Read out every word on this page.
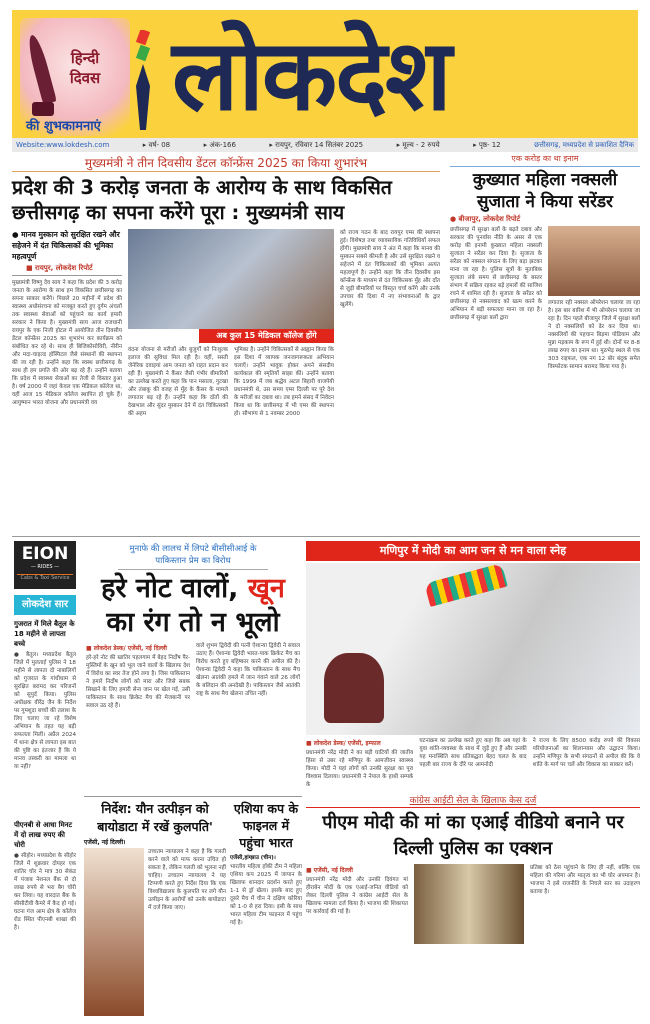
हिन्दी दिवस
की शुभकामनाएं लोकदेश
Website:www.lokdesh.com	▸ वर्ष- 08	▸ अंक-166	▸ रायपुर, रविवार 14 सितंबर 2025	▸ मूल्य - 2 रुपये	▸ पृष्ठ- 12	छत्तीसगढ़, मध्यप्रदेश से प्रकाशित दैनिक
मुख्यमंत्री ने तीन दिवसीय डेंटल कॉन्फ्रेंस 2025 का किया शुभारंभ
प्रदेश की 3 करोड़ जनता के आरोग्य के साथ विकसित छत्तीसगढ़ का सपना करेंगे पूरा : मुख्यमंत्री साय
● मानव मुस्कान को सुरक्षित रखने और सहेजने में दंत चिकित्सकों की भूमिका महत्वपूर्ण
■ रायपुर, लोकदेश रिपोर्ट
मुख्यमंत्री विष्णु देव साय ने कहा कि प्रदेश की 3 करोड़ जनता के आरोग्य के साथ हम विकसित छत्तीसगढ़ का सपना साकार करेंगे। पिछले 20 महीनों में प्रदेश की स्वास्थ्य अधोसंरचना को मजबूत करते हुए दुर्गम अंचलों तक स्वास्थ्य सेवाओं को पहुंचाने का कार्य हमारी सरकार ने किया है। मुख्यमंत्री साय आज राजधानी रायपुर के एक निजी होटल में आयोजित तीन दिवसीय डेंटल कॉन्फ्रेंस 2025 का शुभारंभ कर कार्यक्रम को संबोधित कर रहे थे। साथ ही बिजिकोसोविरी, नीरीन और मदा-चाइल्ड हॉस्पिटल जैसे संस्थानों की स्थापना की जा रही है। उन्होंने कहा कि स्वस्थ छत्तीसगढ़ के साथ ही हम प्रगति की ओर बढ़ रहे हैं। उन्होंने बताया कि प्रदेश में स्वास्थ्य सेवाओं का तेजी से विस्तार हुआ है। वर्ष 2000 में जहां केवल एक मेडिकल कॉलेज था, वहीं आज 15 मेडिकल कॉलेज स्थापित हो चुके हैं। आयुष्मान भारत योजना और प्रधानमंत्री वय
अब कुल 15 मेडिकल कॉलेज होंगे
वंदना योजना से मरीजों और बुजुर्गों को निःशुल्क इलाज की सुविधा मिल रही है। वहीं, सस्ती जेनेरिक दवाइयां आम जनता को राहत प्रदान कर रही हैं। मुख्यमंत्री ने कैंसर जैसी गंभीर बीमारियों का उल्लेख करते हुए कहा कि पान मसाला, गुटखा और तंबाकू की वजह से मुँह के कैंसर के मामले लगातार बढ़ रहे हैं। उन्होंने कहा कि दाँतों की देखभाल और सुंदर मुस्कान देने में दंत चिकित्सकों की अहम
भूमिका है। उन्होंने चिकित्सकों से आह्वान किया कि इस दिशा में व्यापक जनजागरूकता अभियान चलाएँ। उन्होंने भावुक होकर अपने संसदीय कार्यकाल की स्मृतियाँ साझा कीं। उन्होंने बताया कि 1999 में जब श्रद्धेय अटल बिहारी वाजपेयी प्रधानमंत्री थे, उस समय एम्स दिल्ली पर पूरे देश के मरीजों का दबाव था। तब हमने संसद में निवेदन किया था कि छत्तीसगढ़ में भी एम्स की स्थापना हो। सौभाग्य से 1 नवम्बर 2000
को राज्य गठन के बाद रायपुर एम्स की स्थापना हुई। विशेषज्ञ तथा व्यावसायिक गतिविधियाँ सफल होंगी। मुख्यमंत्री साय ने अंत में कहा कि मानव की मुस्कान सबसे कीमती है और उसे सुरक्षित रखने व सहेजने में दंत चिकित्सकों की भूमिका अत्यंत महत्वपूर्ण है। उन्होंने कहा कि तीन दिवसीय इस कॉन्फ्रेंस के माध्यम से दंत चिकित्सक मुँह और दाँत से जुड़ी बीमारियों पर विस्तृत चर्चा करेंगे और उनके उपचार की दिशा में नए संभावनाओं के द्वार खुलेंगे।
एक करोड़ का था इनाम
कुख्यात महिला नक्सली सुजाता ने किया सरेंडर
● बीजापुर, लोकदेश रिपोर्ट
छत्तीसगढ़ में सुरक्षा बलों के बढ़ते दबाव और सरकार की पुनर्वास नीति के असर से एक करोड़ की इनामी कुख्यात महिला नक्सली सुजाता ने सरेंडर कर दिया है। सुजाता के सरेंडर को नक्सल संगठन के लिए बड़ा झटका माना जा रहा है। पुलिस सूत्रों के मुताबिक सुजाता लंबे समय से छत्तीसगढ़ के बस्तर संभाग में सक्रिय रहकर बड़े हमलों की साजिश रचने में शामिल रही है। सुजाता के सरेंडर को छत्तीसगढ़ से नक्सलवाद को खत्म करने के अभियान में बड़ी सफलता माना जा रहा है। छत्तीसगढ़ में सुरक्षा बलों द्वारा
लगातार रही नक्सल ऑपरेशन चलाया जा रहा है। इस बार बारिश में भी ऑपरेशन चलाया जा रहा है। दिन पहले बीजापुर जिले में सुरक्षा बलों ने दो नक्सलियों को ढेर कर दिया था। नक्सलियों की पहचान बिड़मा पोडियाम और मुन्ना मड़काम के रूप में हुई थी। दोनों पर 8-8 लाख रुपए का इनाम था। मुठभेड़ स्थल से एक 303 राइफल, एक नग 12 बोर बंदूक समेत विस्फोटक सामान बरामद किया गया है।
EION
— RIDES —
Cabs & Taxi Service
लोकदेश सार
गुजरात में मिले बैतूल के 18 महीने से लापता बच्चे
● बैतूल। मध्यप्रदेश बैतूल जिले में मुलताई पुलिस ने 18 महीने से लापता दो नाबालिगों को गुजरात के गांधीधाम से सुरक्षित बरामद कर परिजनों को सुपुर्द किया। पुलिस अधीक्षक वीरेंद्र जैन के निर्देश पर गुमशुदा बच्चों की तलाश के लिए चलाए जा रहे विशेष अभियान के तहत यह बड़ी सफलता मिली। अप्रैल 2024 में थाना क्षेत्र से लापता इस बात की पुष्टि का इंतजार है कि ये मानव तस्करी का मामला था या नहीं?
पीएनबी से आधा मिनट में दो लाख रुपए की चोरी
● सीहोर। मध्यप्रदेश के सीहोर जिले में शुक्रवार दोपहर एक शातिर चोर ने मात्र 30 सेकंड में पंजाब नेशनल बैंक से दो लाख रुपये से भरा बैग चोरी कर लिया। यह वारदात बैंक के सीसीटीवी कैमरे में कैद हो गई। घटना गंज आम क्षेत्र के कॉलेज रोड स्थित पीएनबी शाखा की है।
मुनाफे की लालच में लिपटे बीसीसीआई के पाकिस्तान प्रेम का विरोध
हरे नोट वालों, खून
का रंग तो न भूलो
■ लोकदेश डेस्क/ एजेंसी, नई दिल्ली
हरे-हरे नोट की खातिर पहलगाम में बेहद निर्दोष पैर-मुस्लिमों के खून को भूल जाने वालों के खिलाफ देश में विरोध का स्वर तेज होने लगा है। जिस पाकिस्तान ने हमारे निर्दोष लोगों को मारा और जिसे सबक सिखाने के लिए हमारी सेना जान पर खेल गई, उसी पाकिस्तान के साथ क्रिकेट मैच की मेजबानी पर सवाल उठ रहे हैं।
वाले शुभम द्विवेदी की पत्नी ऐशान्या द्विवेदी ने सवाल उठाए हैं। ऐशान्या द्विवेदी भारत-पाक क्रिकेट मैच का विरोध करते हुए बहिष्कार करने की अपील की है। ऐशान्या द्विवेदी ने कहा कि पाकिस्तान के साथ मैच खेलना आतंकी हमले में जान गंवाने वाले 26 लोगों के बलिदान की अनदेखी है। पाकिस्तान जैसे आतंकी राष्ट्र के साथ मैच खेलना उचित नहीं।
मणिपुर में मोदी का आम जन से मन वाला स्नेह
■ लोकदेश डेस्क/ एजेंसी, इम्फाल
प्रधानमंत्री नरेंद्र मोदी ने का बड़ी घाटियों की जातीय हिंसा से उबर रहे मणिपुर के आमजीवन स्वास्थ्य किया। मोदी ने यहां लोगों को उनकी सुरक्षा का पूरा विश्वास दिलाया। प्रधानमंत्री ने नेपाल के हाथी सम्पर्क के
घटनाक्रम का उल्लेख करते हुए कहा कि अब यहां के युवा शांति-व्यवस्था के साथ में जुड़ें हुए हैं और उनकी यह मनःस्थिति साथ प्रतिबद्धता बेहद चलत के बाद पहली बार राज्य के दौरे पर आमनोदी
ने राज्य के लिए 8500 करोड़ रुपये की विकास परियोजनाओं का शिलान्यास और उद्घाटन किया। उन्होंने मणिपुर के सभी संगठनों से अपील की कि वे शांति के मार्ग पर चलें और विकास का साकार करें।
निर्देश: यौन उत्पीड़न को बायोडाटा में रखें कुलपति'
एजेंसी, नई दिल्ली।
उच्चतम न्यायालय ने कहा है कि गलती करने वाले को माफ करना उचित हो सकता है, लेकिन गलती को भूलना नहीं चाहिए। उच्चतम न्यायालय ने यह टिप्पणी करते हुए निर्देश दिया कि एक विश्वविद्यालय के कुलपति पर लगे यौन उत्पीड़न के आरोपों को उनके बायोडाटा में दर्ज किया जाए।
एशिया कप के फाइनल में पहुंचा भारत
एजेंसी,हांग्झाउ (चीन)।
भारतीय महिला हॉकी टीम ने महिला एशिया कप 2025 में जापान के खिलाफ शानदार प्रदर्शन करते हुए 1-1 से ड्रॉ खेला। इसके बाद हुए दूसरे मैच में चीन ने दक्षिण कोरिया को 1-0 से हरा दिया। इसी के साथ भारत महिला टीम फाइनल में पहुंच गई है।
कांग्रेस आईटी सेल के खिलाफ केस दर्ज
पीएम मोदी की मां का एआई वीडियो बनाने पर दिल्ली पुलिस का एक्शन
■ एजेंसी, नई दिल्ली
प्रधानमंत्री नरेंद्र मोदी और उनकी दिवंगत मां हीराबेन मोदी के एक एआई-जनित वीडियो को लेकर दिल्ली पुलिस ने कांग्रेस आईटी सेल के खिलाफ मामला दर्ज किया है। भाजपा की शिकायत पर कार्रवाई की गई है।
प्रतिष्ठा को ठेस पहुंचाने के लिए ही नहीं, बल्कि एक महिला की गरिमा और मातृत्व का भी घोर अपमान है। भाजपा ने इसे राजनीति के निचले स्तर का उदाहरण बताया है।
